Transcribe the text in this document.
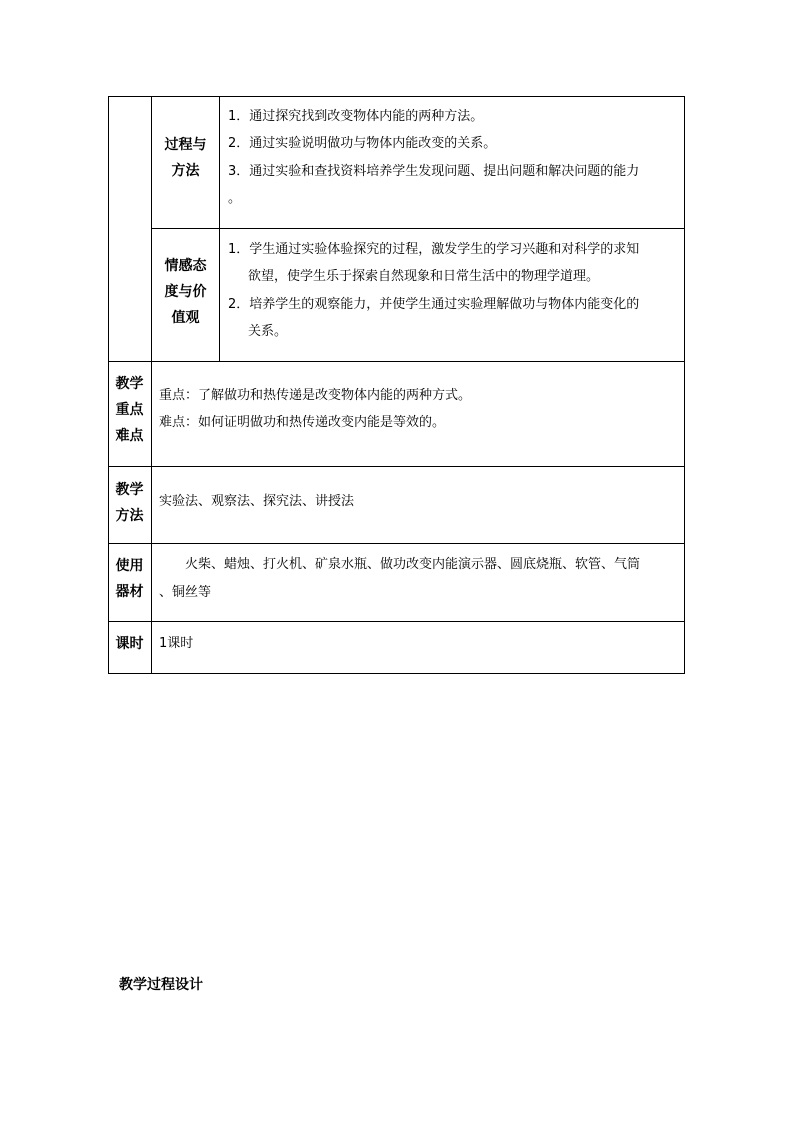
过程与
方法
1．通过探究找到改变物体内能的两种方法。
2．通过实验说明做功与物体内能改变的关系。
3．通过实验和查找资料培养学生发现问题、提出问题和解决问题的能力
。
情感态
度与价
值观
1．学生通过实验体验探究的过程，激发学生的学习兴趣和对科学的求知
欲望，使学生乐于探索自然现象和日常生活中的物理学道理。
2．培养学生的观察能力，并使学生通过实验理解做功与物体内能变化的
关系。
教学
重点
难点
重点：了解做功和热传递是改变物体内能的两种方式。
难点：如何证明做功和热传递改变内能是等效的。
教学
方法
实验法、观察法、探究法、讲授法
使用
器材
火柴、蜡烛、打火机、矿泉水瓶、做功改变内能演示器、圆底烧瓶、软管、气筒
、铜丝等
课时	1课时
教学过程设计
